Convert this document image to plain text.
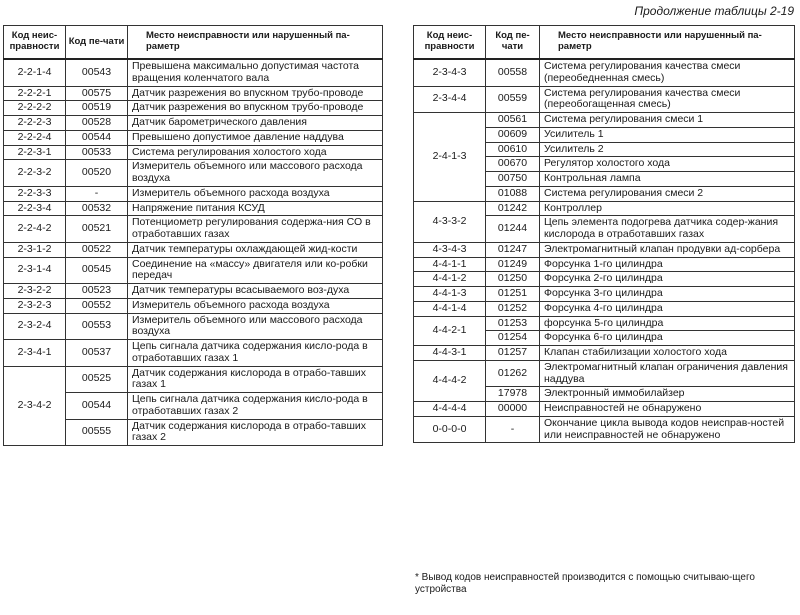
Продолжение таблицы 2-19
Код неис-правности	Код пе-чати	Место неисправности или нарушенный па-раметр
2-2-1-4	00543	Превышена максимально допустимая частота вращения коленчатого вала
2-2-2-1	00575	Датчик разрежения во впускном трубо-проводе
2-2-2-2	00519	Датчик разрежения во впускном трубо-проводе
2-2-2-3	00528	Датчик барометрического давления
2-2-2-4	00544	Превышено допустимое давление наддува
2-2-3-1	00533	Система регулирования холостого хода
2-2-3-2	00520	Измеритель объемного или массового расхода воздуха
2-2-3-3	-	Измеритель объемного расхода воздуха
2-2-3-4	00532	Напряжение питания КСУД
2-2-4-2	00521	Потенциометр регулирования содержа-ния СО в отработавших газах
2-3-1-2	00522	Датчик температуры охлаждающей жид-кости
2-3-1-4	00545	Соединение на «массу» двигателя или ко-робки передач
2-3-2-2	00523	Датчик температуры всасываемого воз-духа
2-3-2-3	00552	Измеритель объемного расхода воздуха
2-3-2-4	00553	Измеритель объемного или массового расхода воздуха
2-3-4-1	00537	Цепь сигнала датчика содержания кисло-рода в отработавших газах 1
2-3-4-2	00525	Датчик содержания кислорода в отрабо-тавших газах 1
	00544	Цепь сигнала датчика содержания кисло-рода в отработавших газах 2
	00555	Датчик содержания кислорода в отрабо-тавших газах 2
Код неис-правности	Код пе-чати	Место неисправности или нарушенный па-раметр
2-3-4-3	00558	Система регулирования качества смеси (переобедненная смесь)
2-3-4-4	00559	Система регулирования качества смеси (переобогащенная смесь)
2-4-1-3	00561	Система регулирования смеси 1
	00609	Усилитель 1
	00610	Усилитель 2
	00670	Регулятор холостого хода
	00750	Контрольная лампа
	01088	Система регулирования смеси 2
4-3-3-2	01242	Контроллер
	01244	Цепь элемента подогрева датчика содер-жания кислорода в отработавших газах
4-3-4-3	01247	Электромагнитный клапан продувки ад-сорбера
4-4-1-1	01249	Форсунка 1-го цилиндра
4-4-1-2	01250	Форсунка 2-го цилиндра
4-4-1-3	01251	Форсунка 3-го цилиндра
4-4-1-4	01252	Форсунка 4-го цилиндра
4-4-2-1	01253	форсунка 5-го цилиндра
	01254	Форсунка 6-го цилиндра
4-4-3-1	01257	Клапан стабилизации холостого хода
4-4-4-2	01262	Электромагнитный клапан ограничения давления наддува
	17978	Электронный иммобилайзер
4-4-4-4	00000	Неисправностей не обнаружено
0-0-0-0	-	Окончание цикла вывода кодов неисправ-ностей или неисправностей не обнаружено
* Вывод кодов неисправностей производится с помощью считываю-щего устройства
